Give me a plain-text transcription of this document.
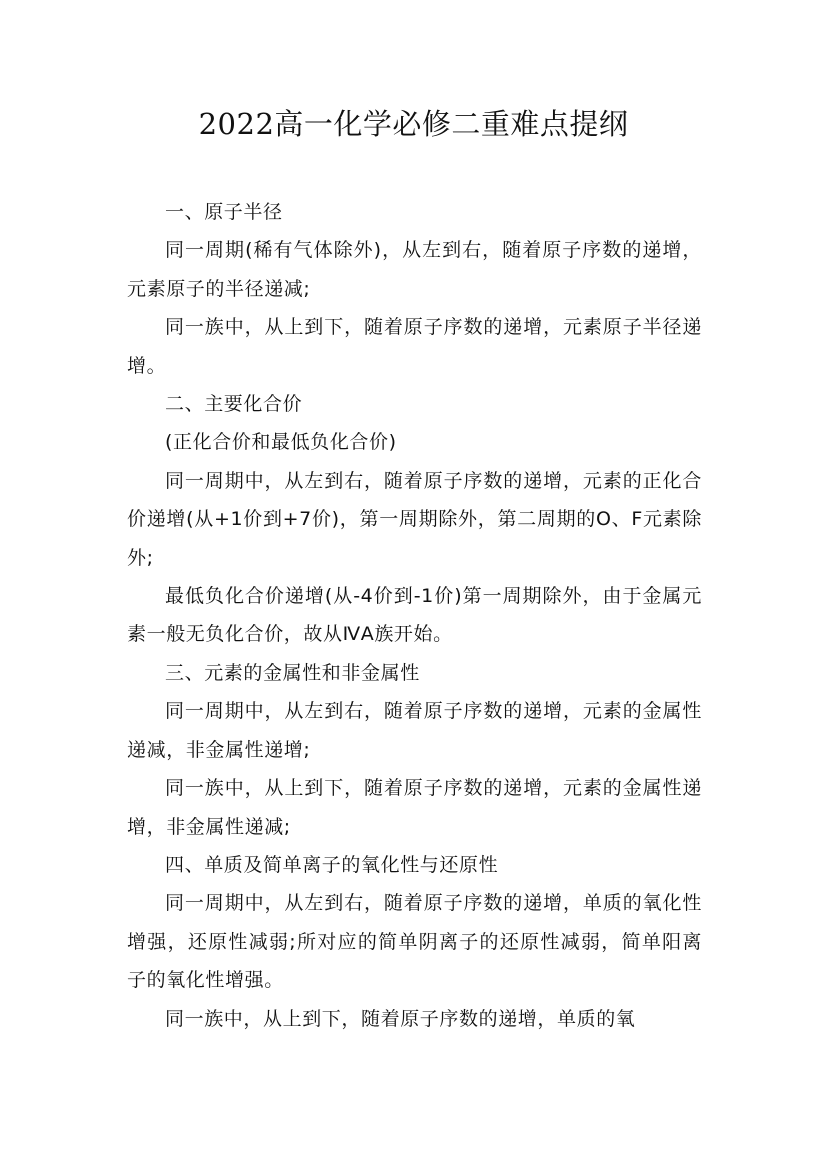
2022高一化学必修二重难点提纲

一、原子半径

同一周期(稀有气体除外)，从左到右，随着原子序数的递增，元素原子的半径递减;

同一族中，从上到下，随着原子序数的递增，元素原子半径递增。

二、主要化合价

(正化合价和最低负化合价)

同一周期中，从左到右，随着原子序数的递增，元素的正化合价递增(从+1价到+7价)，第一周期除外，第二周期的O、F元素除外;

最低负化合价递增(从-4价到-1价)第一周期除外，由于金属元素一般无负化合价，故从ⅣA族开始。

三、元素的金属性和非金属性

同一周期中，从左到右，随着原子序数的递增，元素的金属性递减，非金属性递增;

同一族中，从上到下，随着原子序数的递增，元素的金属性递增，非金属性递减;

四、单质及简单离子的氧化性与还原性

同一周期中，从左到右，随着原子序数的递增，单质的氧化性增强，还原性减弱;所对应的简单阴离子的还原性减弱，简单阳离子的氧化性增强。

同一族中，从上到下，随着原子序数的递增，单质的氧
